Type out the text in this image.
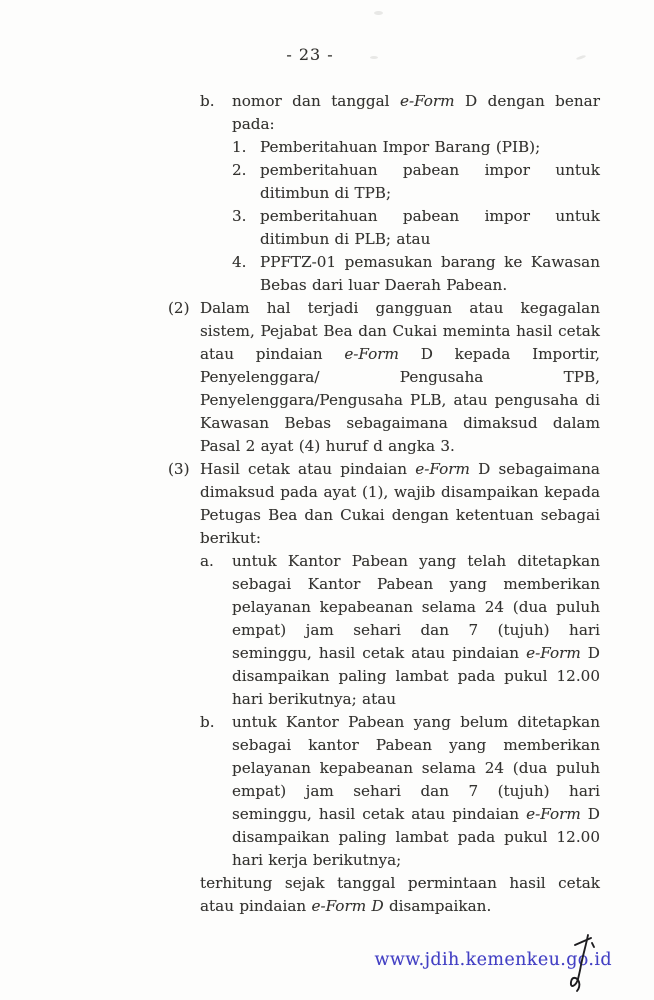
- 23 -
b.	nomor dan tanggal e-Form D dengan benar pada:
1. Pemberitahuan Impor Barang (PIB);
2. pemberitahuan pabean impor untuk ditimbun di TPB;
3. pemberitahuan pabean impor untuk ditimbun di PLB; atau
4. PPFTZ-01 pemasukan barang ke Kawasan Bebas dari luar Daerah Pabean.
(2) Dalam hal terjadi gangguan atau kegagalan sistem, Pejabat Bea dan Cukai meminta hasil cetak atau pindaian e-Form D kepada Importir, Penyelenggara/ Pengusaha TPB, Penyelenggara/Pengusaha PLB, atau pengusaha di Kawasan Bebas sebagaimana dimaksud dalam Pasal 2 ayat (4) huruf d angka 3.
(3) Hasil cetak atau pindaian e-Form D sebagaimana dimaksud pada ayat (1), wajib disampaikan kepada Petugas Bea dan Cukai dengan ketentuan sebagai berikut:
a.	untuk Kantor Pabean yang telah ditetapkan sebagai Kantor Pabean yang memberikan pelayanan kepabeanan selama 24 (dua puluh empat) jam sehari dan 7 (tujuh) hari seminggu, hasil cetak atau pindaian e-Form D disampaikan paling lambat pada pukul 12.00 hari berikutnya; atau
b.	untuk Kantor Pabean yang belum ditetapkan sebagai kantor Pabean yang memberikan pelayanan kepabeanan selama 24 (dua puluh empat) jam sehari dan 7 (tujuh) hari seminggu, hasil cetak atau pindaian e-Form D disampaikan paling lambat pada pukul 12.00 hari kerja berikutnya;
terhitung sejak tanggal permintaan hasil cetak atau pindaian e-Form D disampaikan.
www.jdih.kemenkeu.go.id
